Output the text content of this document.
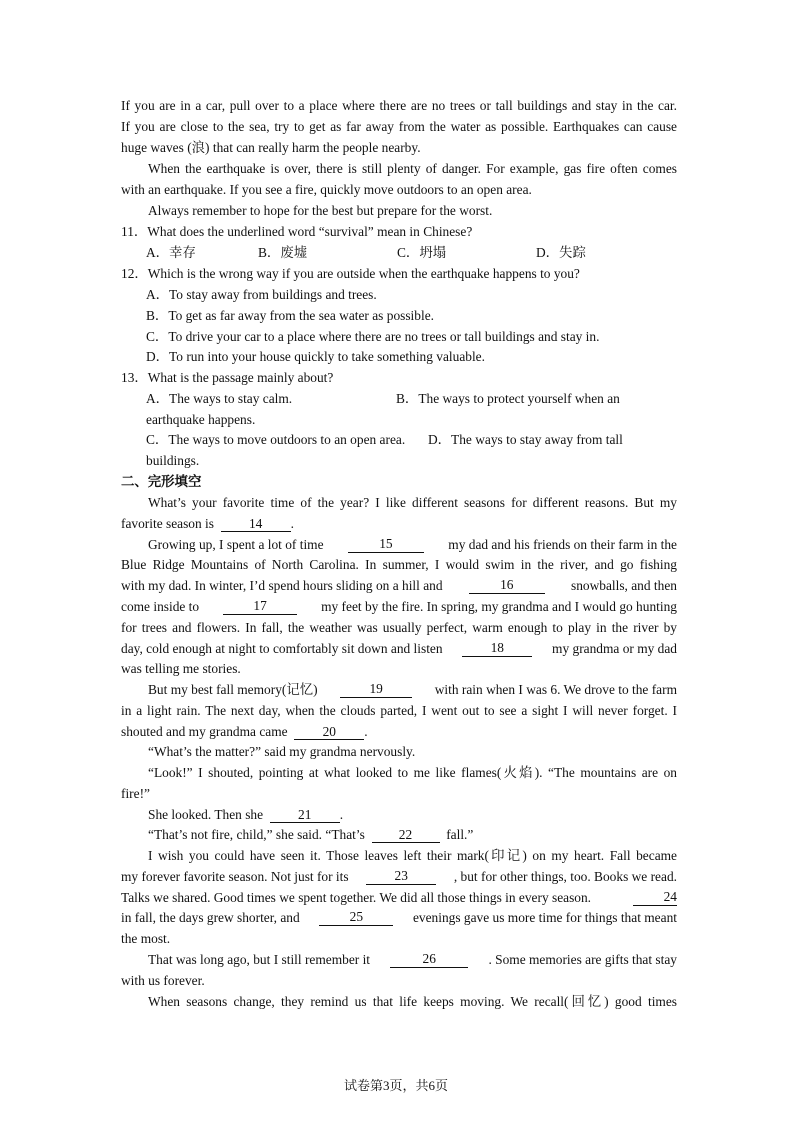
If you are in a car, pull over to a place where there are no trees or tall buildings and stay in the car.
If you are close to the sea, try to get as far away from the water as possible. Earthquakes can cause
huge waves (浪) that can really harm the people nearby.
When the earthquake is over, there is still plenty of danger. For example, gas fire often comes
with an earthquake. If you see a fire, quickly move outdoors to an open area.
Always remember to hope for the best but prepare for the worst.
11．What does the underlined word “survival” mean in Chinese?
A．幸存	B．废墟	C．坍塌	D．失踪
12．Which is the wrong way if you are outside when the earthquake happens to you?
A．To stay away from buildings and trees.
B．To get as far away from the sea water as possible.
C．To drive your car to a place where there are no trees or tall buildings and stay in.
D．To run into your house quickly to take something valuable.
13．What is the passage mainly about?
A．The ways to stay calm.	B．The ways to protect yourself when an
earthquake happens.
C．The ways to move outdoors to an open area. D．The ways to stay away from tall
buildings.
二、完形填空
What’s your favorite time of the year? I like different seasons for different reasons. But my
favorite season is	14 .
Growing up, I spent a lot of time	15	my dad and his friends on their farm in the
Blue Ridge Mountains of North Carolina. In summer, I would swim in the river, and go fishing
with my dad. In winter, I’d spend hours sliding on a hill and	16	snowballs, and then
come inside to	17	my feet by the fire. In spring, my grandma and I would go hunting
for trees and flowers. In fall, the weather was usually perfect, warm enough to play in the river by
day, cold enough at night to comfortably sit down and listen	18	my grandma or my dad
was telling me stories.
But my best fall memory(记忆)	19	with rain when I was 6. We drove to the farm
in a light rain. The next day, when the clouds parted, I went out to see a sight I will never forget. I
shouted and my grandma came	20 .
“What’s the matter?” said my grandma nervously.
“Look!” I shouted, pointing at what looked to me like flames(火焰). “The mountains are on
fire!”
She looked. Then she	21 .
“That’s not fire, child,” she said. “That’s	22	fall.”
I wish you could have seen it. Those leaves left their mark(印记) on my heart. Fall became
my forever favorite season. Not just for its	23	, but for other things, too. Books we read.
Talks we shared. Good times we spent together. We did all those things in every season.	24
in fall, the days grew shorter, and	25	evenings gave us more time for things that meant
the most.
That was long ago, but I still remember it	26	. Some memories are gifts that stay
with us forever.
When seasons change, they remind us that life keeps moving. We recall(回忆) good times
试卷第3页，共6页
